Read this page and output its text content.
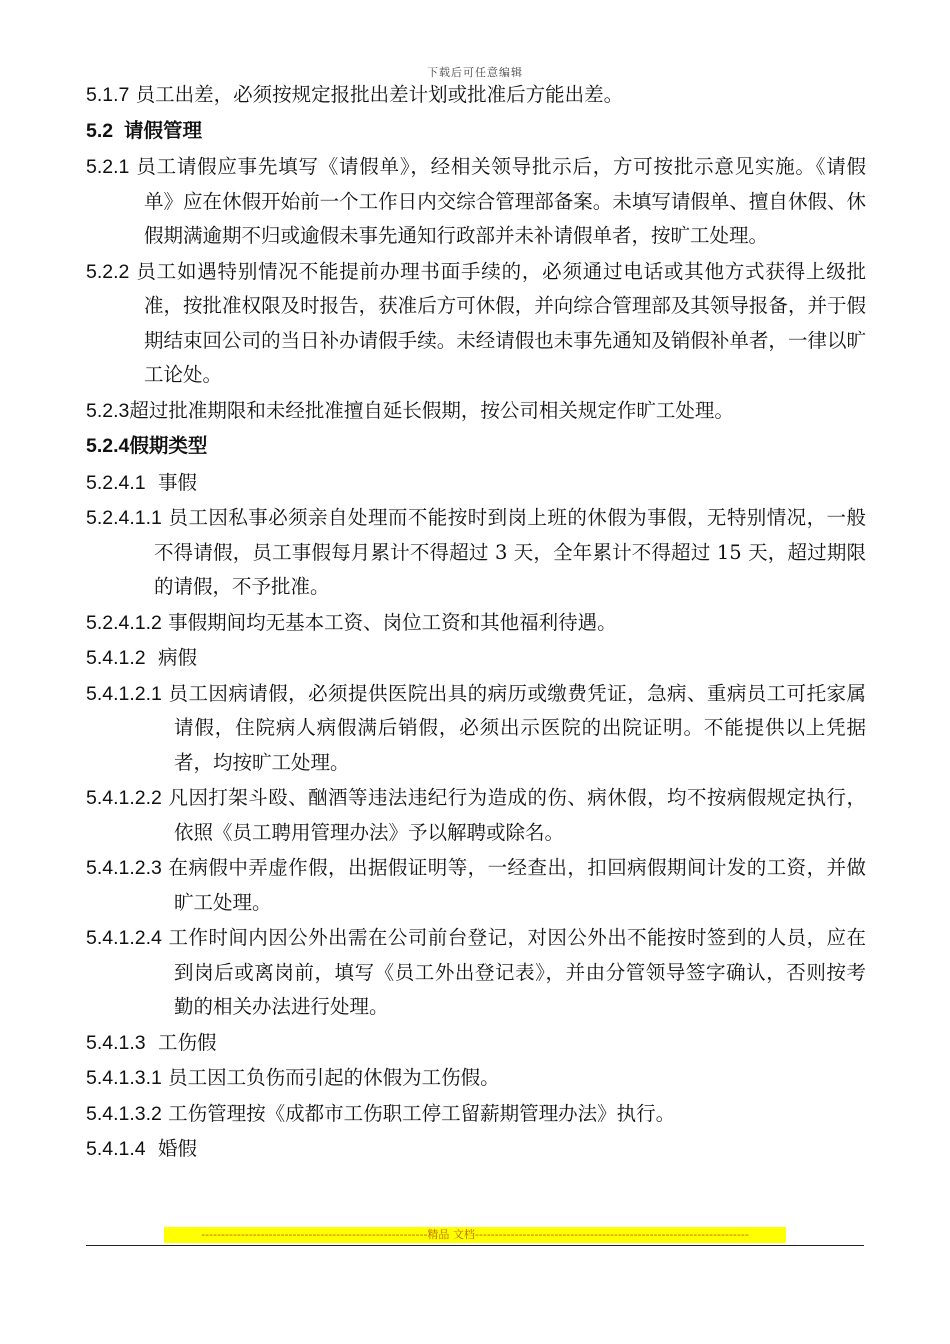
下载后可任意编辑

5.1.7 员工出差，必须按规定报批出差计划或批准后方能出差。

5.2 请假管理

5.2.1 员工请假应事先填写《请假单》，经相关领导批示后，方可按批示意见实施。《请假单》应在休假开始前一个工作日内交综合管理部备案。未填写请假单、擅自休假、休假期满逾期不归或逾假未事先通知行政部并未补请假单者，按旷工处理。

5.2.2 员工如遇特别情况不能提前办理书面手续的，必须通过电话或其他方式获得上级批准，按批准权限及时报告，获准后方可休假，并向综合管理部及其领导报备，并于假期结束回公司的当日补办请假手续。未经请假也未事先通知及销假补单者，一律以旷工论处。

5.2.3超过批准期限和未经批准擅自延长假期，按公司相关规定作旷工处理。

5.2.4假期类型

5.2.4.1 事假

5.2.4.1.1 员工因私事必须亲自处理而不能按时到岗上班的休假为事假，无特别情况，一般不得请假，员工事假每月累计不得超过 3 天，全年累计不得超过 15 天，超过期限的请假，不予批准。

5.2.4.1.2 事假期间均无基本工资、岗位工资和其他福利待遇。

5.4.1.2 病假

5.4.1.2.1 员工因病请假，必须提供医院出具的病历或缴费凭证，急病、重病员工可托家属请假，住院病人病假满后销假，必须出示医院的出院证明。不能提供以上凭据者，均按旷工处理。

5.4.1.2.2 凡因打架斗殴、酗酒等违法违纪行为造成的伤、病休假，均不按病假规定执行，依照《员工聘用管理办法》予以解聘或除名。

5.4.1.2.3 在病假中弄虚作假，出据假证明等，一经查出，扣回病假期间计发的工资，并做旷工处理。

5.4.1.2.4 工作时间内因公外出需在公司前台登记，对因公外出不能按时签到的人员，应在到岗后或离岗前，填写《员工外出登记表》，并由分管领导签字确认，否则按考勤的相关办法进行处理。

5.4.1.3 工伤假

5.4.1.3.1 员工因工负伤而引起的休假为工伤假。

5.4.1.3.2 工伤管理按《成都市工伤职工停工留薪期管理办法》执行。

5.4.1.4 婚假

---------------------------------------------------------精品 文档---------------------------------------------------------------------
